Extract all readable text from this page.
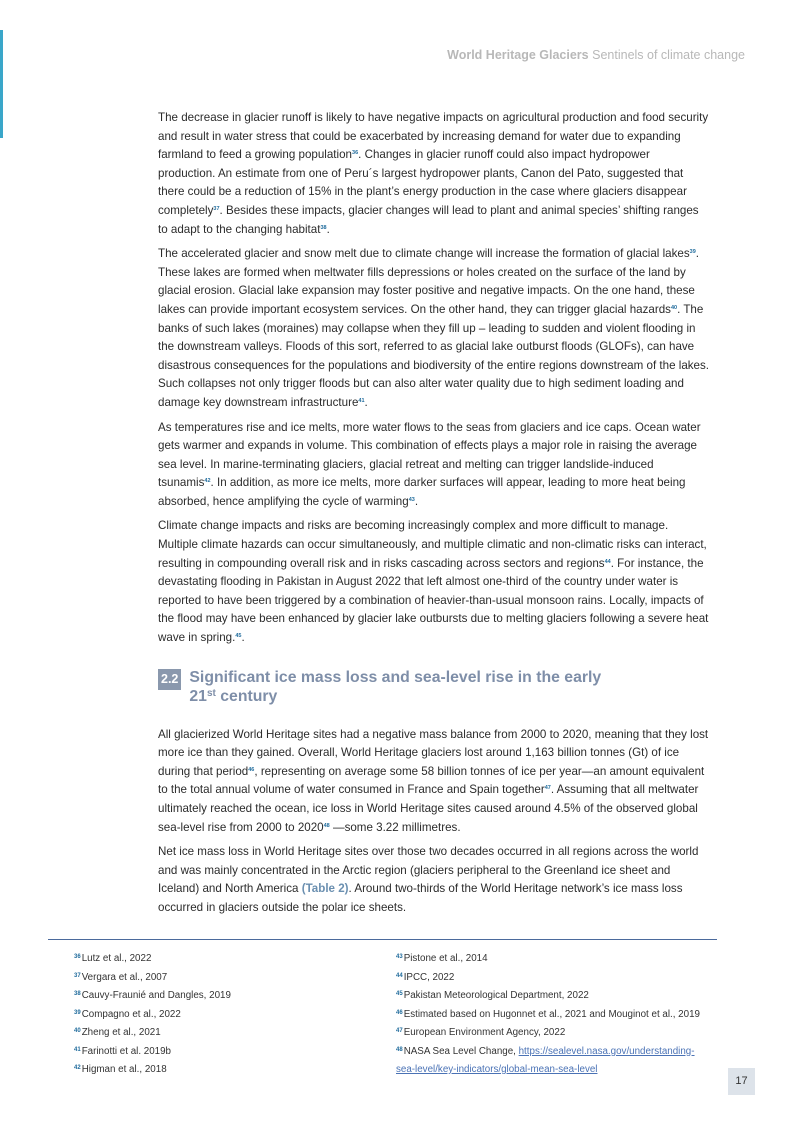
World Heritage Glaciers Sentinels of climate change

The decrease in glacier runoff is likely to have negative impacts on agricultural production and food security and result in water stress that could be exacerbated by increasing demand for water due to expanding farmland to feed a growing population$^{36}$. Changes in glacier runoff could also impact hydropower production. An estimate from one of Peru´s largest hydropower plants, Canon del Pato, suggested that there could be a reduction of 15% in the plant’s energy production in the case where glaciers disappear completely$^{37}$. Besides these impacts, glacier changes will lead to plant and animal species’ shifting ranges to adapt to the changing habitat$^{38}$.

The accelerated glacier and snow melt due to climate change will increase the formation of glacial lakes$^{39}$. These lakes are formed when meltwater fills depressions or holes created on the surface of the land by glacial erosion. Glacial lake expansion may foster positive and negative impacts. On the one hand, these lakes can provide important ecosystem services. On the other hand, they can trigger glacial hazards$^{40}$. The banks of such lakes (moraines) may collapse when they fill up – leading to sudden and violent flooding in the downstream valleys. Floods of this sort, referred to as glacial lake outburst floods (GLOFs), can have disastrous consequences for the populations and biodiversity of the entire regions downstream of the lakes. Such collapses not only trigger floods but can also alter water quality due to high sediment loading and damage key downstream infrastructure$^{41}$.

As temperatures rise and ice melts, more water flows to the seas from glaciers and ice caps. Ocean water gets warmer and expands in volume. This combination of effects plays a major role in raising the average sea level. In marine-terminating glaciers, glacial retreat and melting can trigger landslide-induced tsunamis$^{42}$. In addition, as more ice melts, more darker surfaces will appear, leading to more heat being absorbed, hence amplifying the cycle of warming$^{43}$.

Climate change impacts and risks are becoming increasingly complex and more difficult to manage. Multiple climate hazards can occur simultaneously, and multiple climatic and non-climatic risks can interact, resulting in compounding overall risk and in risks cascading across sectors and regions$^{44}$. For instance, the devastating flooding in Pakistan in August 2022 that left almost one-third of the country under water is reported to have been triggered by a combination of heavier-than-usual monsoon rains. Locally, impacts of the flood may have been enhanced by glacier lake outbursts due to melting glaciers following a severe heat wave in spring.$^{45}$.

2.2 Significant ice mass loss and sea-level rise in the early
21st century

All glacierized World Heritage sites had a negative mass balance from 2000 to 2020, meaning that they lost more ice than they gained. Overall, World Heritage glaciers lost around 1,163 billion tonnes (Gt) of ice during that period$^{46}$, representing on average some 58 billion tonnes of ice per year—an amount equivalent to the total annual volume of water consumed in France and Spain together$^{47}$. Assuming that all meltwater ultimately reached the ocean, ice loss in World Heritage sites caused around 4.5% of the observed global sea-level rise from 2000 to 2020$^{48}$ —some 3.22 millimetres.

Net ice mass loss in World Heritage sites over those two decades occurred in all regions across the world and was mainly concentrated in the Arctic region (glaciers peripheral to the Greenland ice sheet and Iceland) and North America (Table 2). Around two-thirds of the World Heritage network’s ice mass loss occurred in glaciers outside the polar ice sheets.

$^{36}$Lutz et al., 2022
$^{37}$Vergara et al., 2007
$^{38}$Cauvy-Fraunié and Dangles, 2019
$^{39}$Compagno et al., 2022
$^{40}$Zheng et al., 2021
$^{41}$Farinotti et al. 2019b
$^{42}$Higman et al., 2018
$^{43}$Pistone et al., 2014
$^{44}$IPCC, 2022
$^{45}$Pakistan Meteorological Department, 2022
$^{46}$Estimated based on Hugonnet et al., 2021 and Mouginot et al., 2019
$^{47}$European Environment Agency, 2022
$^{48}$NASA Sea Level Change, https://sealevel.nasa.gov/understanding-
sea-level/key-indicators/global-mean-sea-level
17
